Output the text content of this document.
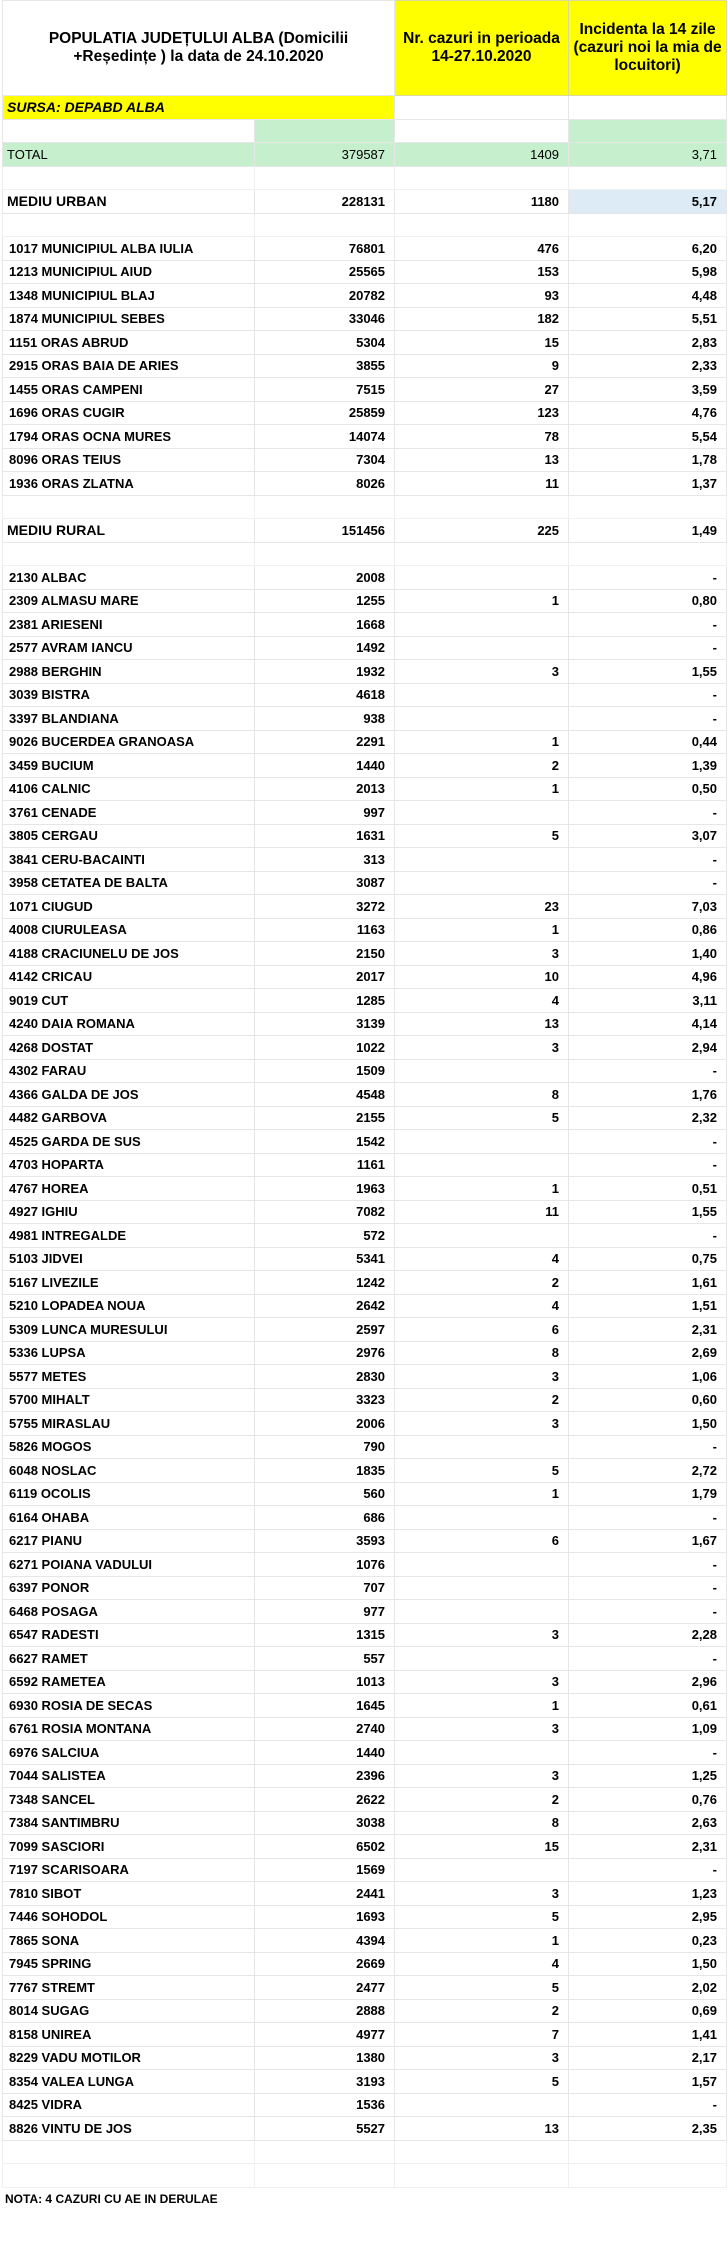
POPULATIA JUDEȚULUI ALBA (Domicilii +Reședințe ) la data de 24.10.2020		Nr. cazuri in perioada 14-27.10.2020	Incidenta la 14 zile (cazuri noi la mia de locuitori)
SURSA: DEPABD ALBA			

TOTAL	379587	1409	3,71

MEDIU URBAN	228131	1180	5,17

1017 MUNICIPIUL ALBA IULIA	76801	476	6,20
1213 MUNICIPIUL AIUD	25565	153	5,98
1348 MUNICIPIUL BLAJ	20782	93	4,48
1874 MUNICIPIUL SEBES	33046	182	5,51
1151 ORAS ABRUD	5304	15	2,83
2915 ORAS BAIA DE ARIES	3855	9	2,33
1455 ORAS CAMPENI	7515	27	3,59
1696 ORAS CUGIR	25859	123	4,76
1794 ORAS OCNA MURES	14074	78	5,54
8096 ORAS TEIUS	7304	13	1,78
1936 ORAS ZLATNA	8026	11	1,37

MEDIU RURAL	151456	225	1,49

2130 ALBAC	2008		-
2309 ALMASU MARE	1255	1	0,80
2381 ARIESENI	1668		-
2577 AVRAM IANCU	1492		-
2988 BERGHIN	1932	3	1,55
3039 BISTRA	4618		-
3397 BLANDIANA	938		-
9026 BUCERDEA GRANOASA	2291	1	0,44
3459 BUCIUM	1440	2	1,39
4106 CALNIC	2013	1	0,50
3761 CENADE	997		-
3805 CERGAU	1631	5	3,07
3841 CERU-BACAINTI	313		-
3958 CETATEA DE BALTA	3087		-
1071 CIUGUD	3272	23	7,03
4008 CIURULEASA	1163	1	0,86
4188 CRACIUNELU DE JOS	2150	3	1,40
4142 CRICAU	2017	10	4,96
9019 CUT	1285	4	3,11
4240 DAIA ROMANA	3139	13	4,14
4268 DOSTAT	1022	3	2,94
4302 FARAU	1509		-
4366 GALDA DE JOS	4548	8	1,76
4482 GARBOVA	2155	5	2,32
4525 GARDA DE SUS	1542		-
4703 HOPARTA	1161		-
4767 HOREA	1963	1	0,51
4927 IGHIU	7082	11	1,55
4981 INTREGALDE	572		-
5103 JIDVEI	5341	4	0,75
5167 LIVEZILE	1242	2	1,61
5210 LOPADEA NOUA	2642	4	1,51
5309 LUNCA MURESULUI	2597	6	2,31
5336 LUPSA	2976	8	2,69
5577 METES	2830	3	1,06
5700 MIHALT	3323	2	0,60
5755 MIRASLAU	2006	3	1,50
5826 MOGOS	790		-
6048 NOSLAC	1835	5	2,72
6119 OCOLIS	560	1	1,79
6164 OHABA	686		-
6217 PIANU	3593	6	1,67
6271 POIANA VADULUI	1076		-
6397 PONOR	707		-
6468 POSAGA	977		-
6547 RADESTI	1315	3	2,28
6627 RAMET	557		-
6592 RAMETEA	1013	3	2,96
6930 ROSIA DE SECAS	1645	1	0,61
6761 ROSIA MONTANA	2740	3	1,09
6976 SALCIUA	1440		-
7044 SALISTEA	2396	3	1,25
7348 SANCEL	2622	2	0,76
7384 SANTIMBRU	3038	8	2,63
7099 SASCIORI	6502	15	2,31
7197 SCARISOARA	1569		-
7810 SIBOT	2441	3	1,23
7446 SOHODOL	1693	5	2,95
7865 SONA	4394	1	0,23
7945 SPRING	2669	4	1,50
7767 STREMT	2477	5	2,02
8014 SUGAG	2888	2	0,69
8158 UNIREA	4977	7	1,41
8229 VADU MOTILOR	1380	3	2,17
8354 VALEA LUNGA	3193	5	1,57
8425 VIDRA	1536		-
8826 VINTU DE JOS	5527	13	2,35

NOTA: 4 CAZURI CU AE IN DERULAE			
